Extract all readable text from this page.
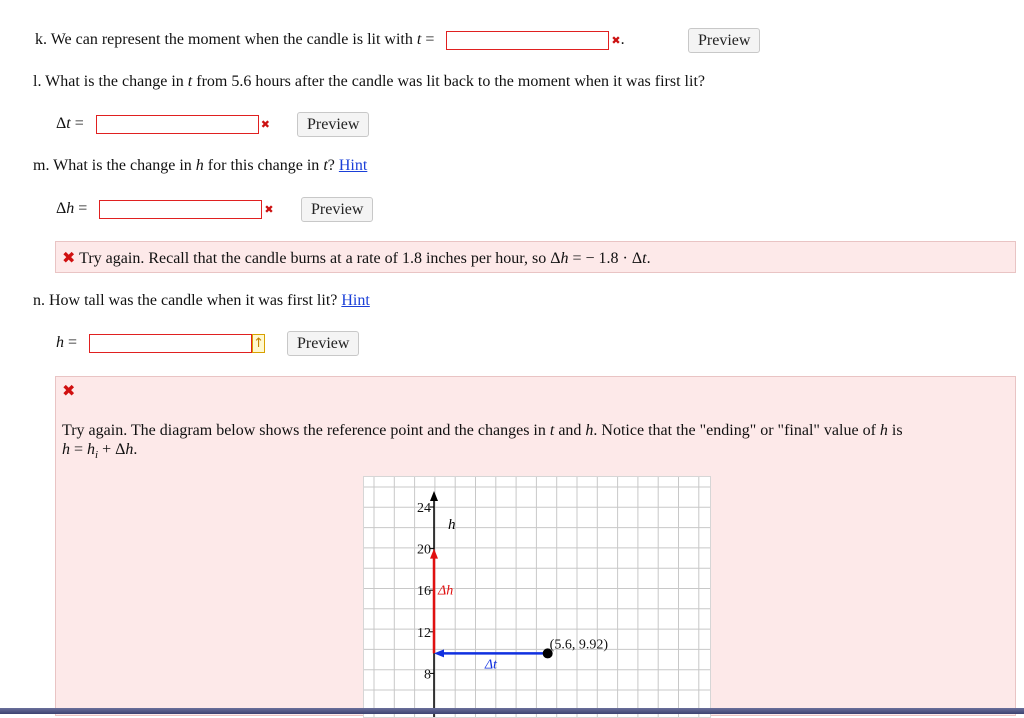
k. We can represent the moment when the candle is lit with t =	✖.	Preview
l. What is the change in t from 5.6 hours after the candle was lit back to the moment when it was first lit?
Δt =	✖	Preview
m. What is the change in h for this change in t? Hint
Δh =	✖	Preview
✖ Try again. Recall that the candle burns at a rate of 1.8 inches per hour, so Δh = − 1.8 · Δt.
n. How tall was the candle when it was first lit? Hint
h =	↑	Preview
✖
Try again. The diagram below shows the reference point and the changes in t and h. Notice that the "ending" or "final" value of h is
$h = h_i + \Delta h$.
h
24
20
16
12
8
Δh
Δt
(5.6, 9.92)
